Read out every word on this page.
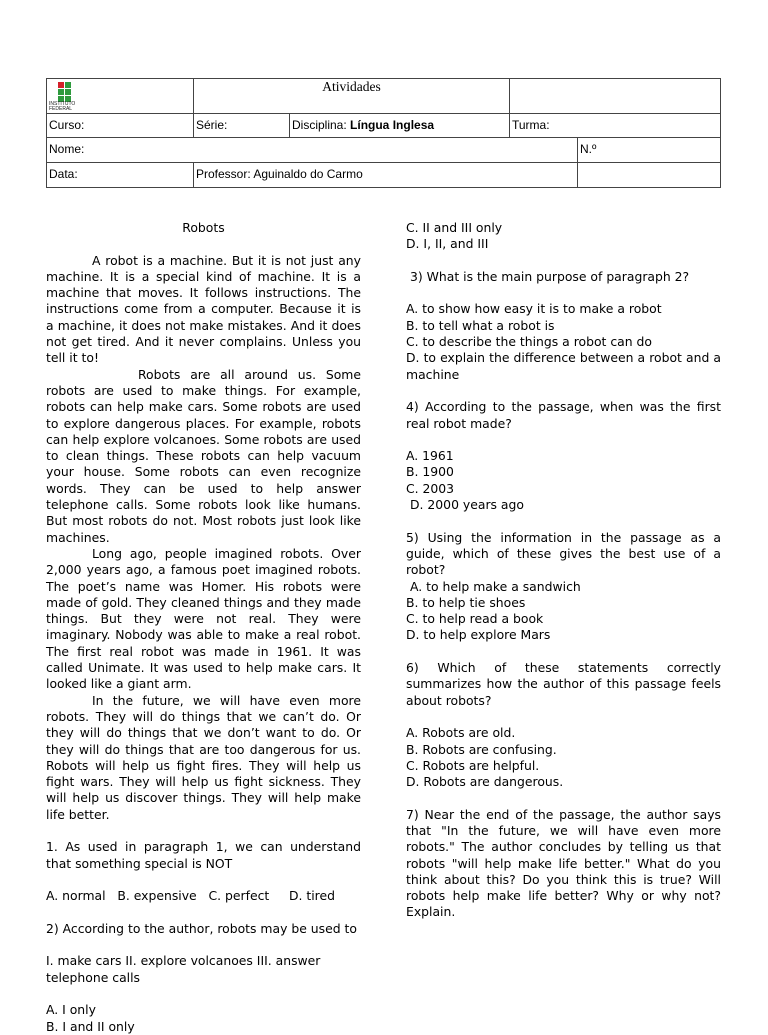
INSTITUTO FEDERAL
Atividades
Curso:	Série:	Disciplina: Língua Inglesa	Turma:
Nome:	N.º
Data:	Professor: Aguinaldo do Carmo

Robots

A robot is a machine. But it is not just any machine. It is a special kind of machine. It is a machine that moves. It follows instructions. The instructions come from a computer. Because it is a machine, it does not make mistakes. And it does not get tired. And it never complains. Unless you tell it to!

Robots are all around us. Some robots are used to make things. For example, robots can help make cars. Some robots are used to explore dangerous places. For example, robots can help explore volcanoes. Some robots are used to clean things. These robots can help vacuum your house. Some robots can even recognize words. They can be used to help answer telephone calls. Some robots look like humans. But most robots do not. Most robots just look like machines.

Long ago, people imagined robots. Over 2,000 years ago, a famous poet imagined robots. The poet’s name was Homer. His robots were made of gold. They cleaned things and they made things. But they were not real. They were imaginary. Nobody was able to make a real robot. The first real robot was made in 1961. It was called Unimate. It was used to help make cars. It looked like a giant arm.

In the future, we will have even more robots. They will do things that we can’t do. Or they will do things that we don’t want to do. Or they will do things that are too dangerous for us. Robots will help us fight fires. They will help us fight wars. They will help us fight sickness. They will help us discover things. They will help make life better.

1. As used in paragraph 1, we can understand that something special is NOT

A. normal   B. expensive   C. perfect     D. tired

2) According to the author, robots may be used to

I. make cars II. explore volcanoes III. answer telephone calls

A. I only

B. I and II only

C. II and III only

D. I, II, and III

3) What is the main purpose of paragraph 2?

A. to show how easy it is to make a robot

B. to tell what a robot is

C. to describe the things a robot can do

D. to explain the difference between a robot and a machine

4) According to the passage, when was the first real robot made?

A. 1961

B. 1900

C. 2003

D. 2000 years ago

5) Using the information in the passage as a guide, which of these gives the best use of a robot?

A. to help make a sandwich

B. to help tie shoes

C. to help read a book

D. to help explore Mars

6) Which of these statements correctly summarizes how the author of this passage feels about robots?

A. Robots are old.

B. Robots are confusing.

C. Robots are helpful.

D. Robots are dangerous.

7) Near the end of the passage, the author says that "In the future, we will have even more robots." The author concludes by telling us that robots "will help make life better." What do you think about this? Do you think this is true? Will robots help make life better? Why or why not? Explain.
